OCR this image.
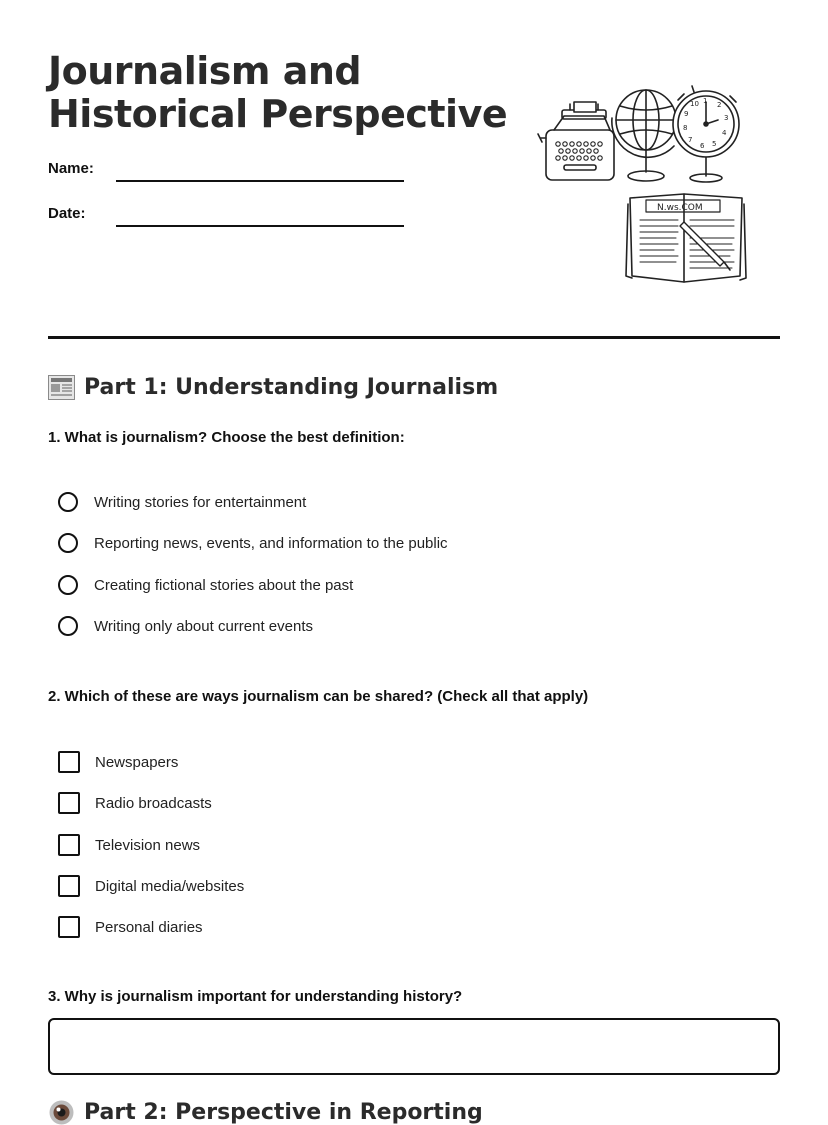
Journalism and
Historical Perspective
Name:
Date:
1 2
3
4
5
6
7
8
9
10
N.ws.COM
Part 1: Understanding Journalism
1. What is journalism? Choose the best definition:
Writing stories for entertainment
Reporting news, events, and information to the public
Creating fictional stories about the past
Writing only about current events
2. Which of these are ways journalism can be shared? (Check all that apply)
Newspapers
Radio broadcasts
Television news
Digital media/websites
Personal diaries
3. Why is journalism important for understanding history?
Part 2: Perspective in Reporting
